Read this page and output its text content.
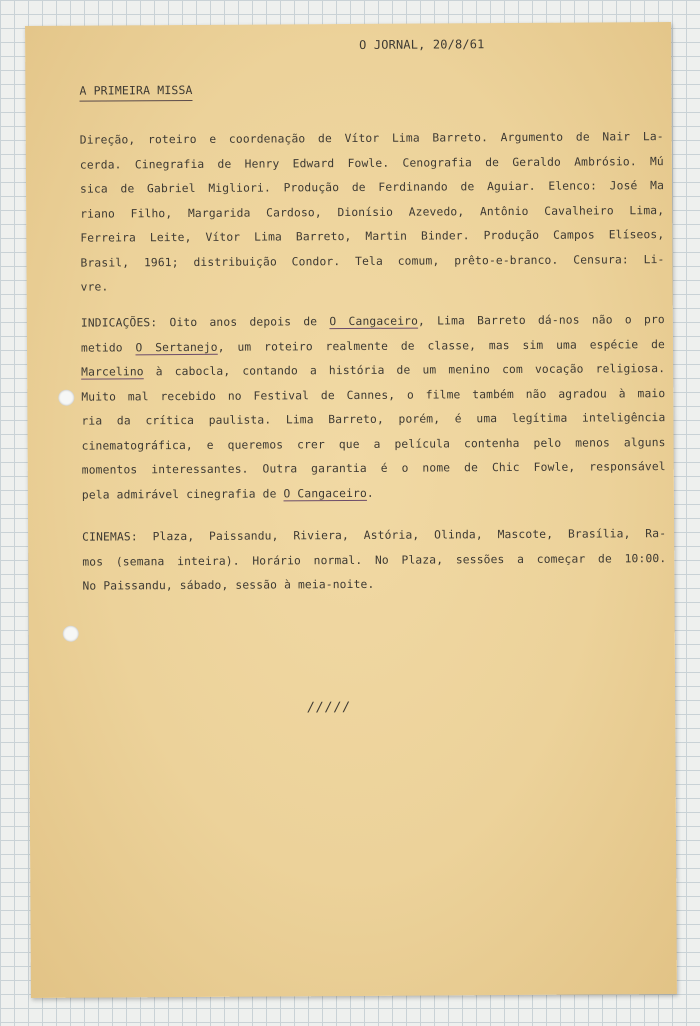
O JORNAL, 20/8/61
A PRIMEIRA MISSA
Direção, roteiro e coordenação de Vítor Lima Barreto. Argumento de Nair La-
cerda. Cinegrafia de Henry Edward Fowle. Cenografia de Geraldo Ambrósio. Mú
sica de Gabriel Migliori. Produção de Ferdinando de Aguiar. Elenco: José Ma
riano Filho, Margarida Cardoso, Dionísio Azevedo, Antônio Cavalheiro Lima,
Ferreira Leite, Vítor Lima Barreto, Martin Binder. Produção Campos Elíseos,
Brasil, 1961; distribuição Condor. Tela comum, prêto-e-branco. Censura: Li-
vre.
INDICAÇÕES: Oito anos depois de O Cangaceiro, Lima Barreto dá-nos não o pro
metido O Sertanejo, um roteiro realmente de classe, mas sim uma espécie de
Marcelino à cabocla, contando a história de um menino com vocação religiosa.
Muito mal recebido no Festival de Cannes, o filme também não agradou à maio
ria da crítica paulista. Lima Barreto, porém, é uma legítima inteligência
cinematográfica, e queremos crer que a película contenha pelo menos alguns
momentos interessantes. Outra garantia é o nome de Chic Fowle, responsável
pela admirável cinegrafia de O Cangaceiro.
CINEMAS: Plaza, Paissandu, Riviera, Astória, Olinda, Mascote, Brasília, Ra-
mos (semana inteira). Horário normal. No Plaza, sessões a começar de 10:00.
No Paissandu, sábado, sessão à meia-noite.
/////
